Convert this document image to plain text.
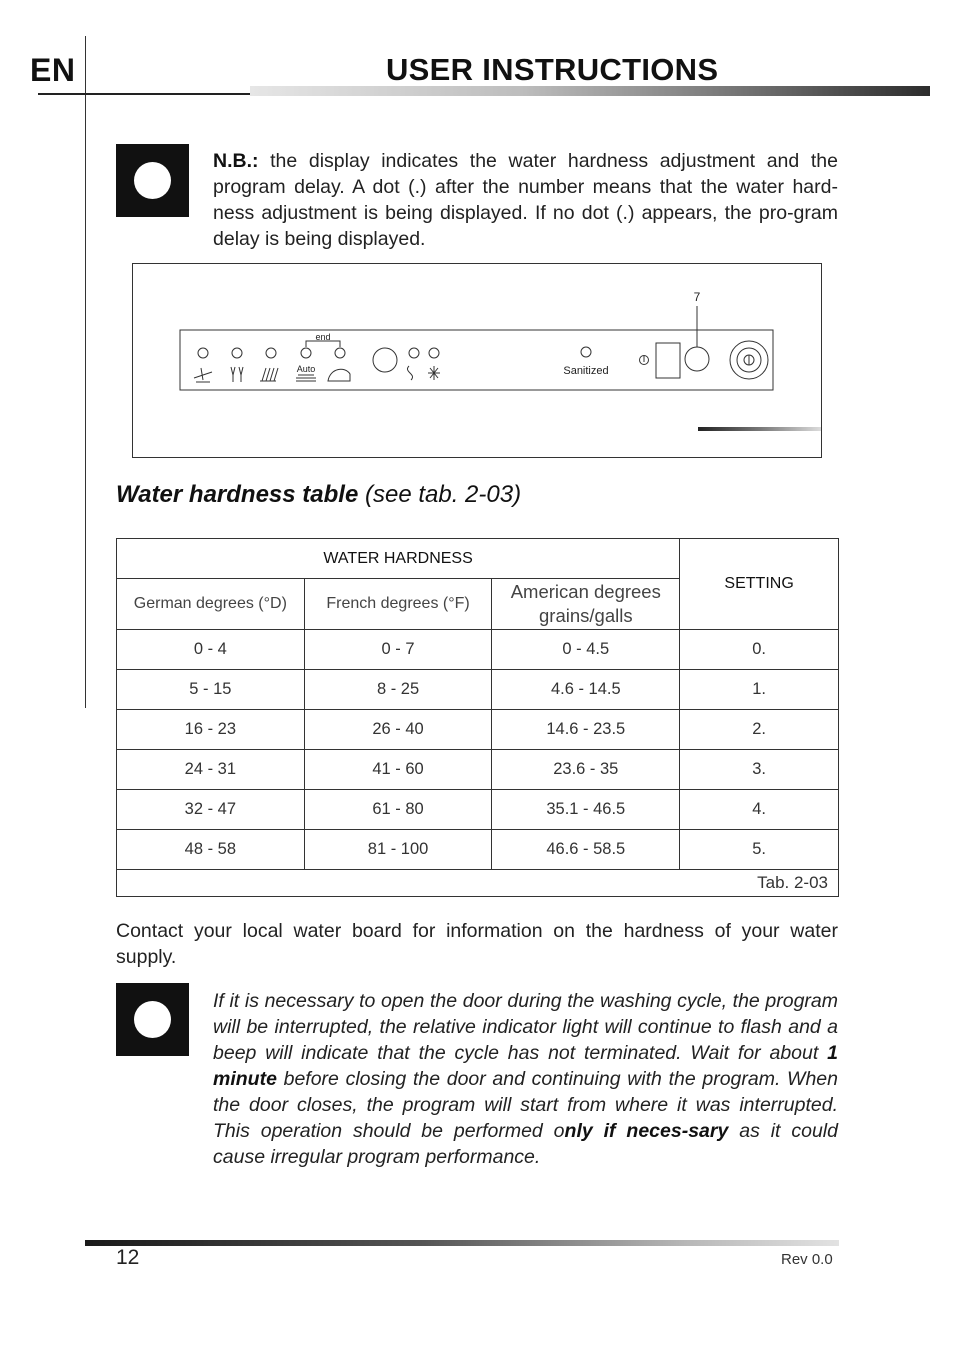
EN	USER INSTRUCTIONS
N.B.: the display indicates the water hardness adjustment and the program delay. A dot (.) after the number means that the water hard-ness adjustment is being displayed. If no dot (.) appears, the pro-gram delay is being displayed.
7
end
Auto	Sanitized
Water hardness table (see tab. 2-03)
WATER HARDNESS			SETTING
German degrees (°D)	French degrees (°F)	American degrees
grains/galls	
0 - 4	0 - 7	0 - 4.5	0.
5 - 15	8 - 25	4.6 - 14.5	1.
16 - 23	26 - 40	14.6 - 23.5	2.
24 - 31	41 - 60	23.6 - 35	3.
32 - 47	61 - 80	35.1 - 46.5	4.
48 - 58	81 - 100	46.6 - 58.5	5.
Tab. 2-03			
Contact your local water board for information on the hardness of your water supply.
If it is necessary to open the door during the washing cycle, the program will be interrupted, the relative indicator light will continue to flash and a beep will indicate that the cycle has not terminated. Wait for about 1 minute before closing the door and continuing with the program. When the door closes, the program will start from where it was interrupted. This operation should be performed only if neces-sary as it could cause irregular program performance.
12	Rev 0.0
